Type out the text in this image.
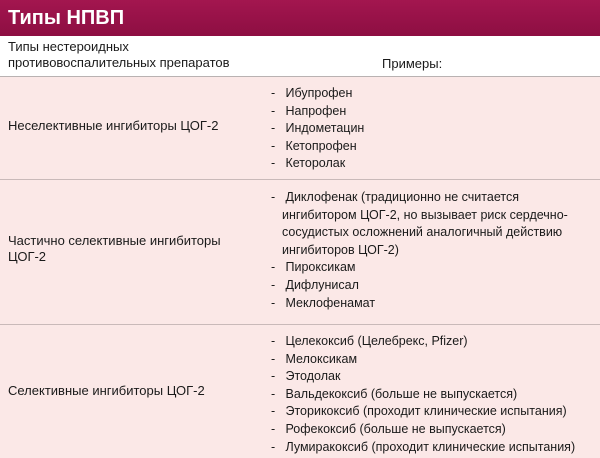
Типы НПВП
Типы нестероидных
противовоспалительных препаратов	Примеры:
Неселективные ингибиторы ЦОГ-2
- Ибупрофен
- Напрофен
- Индометацин
- Кетопрофен
- Кеторолак
Частично селективные ингибиторы ЦОГ-2
- Диклофенак (традиционно не считается ингибитором ЦОГ-2, но вызывает риск сердечно-сосудистых осложнений аналогичный действию ингибиторов ЦОГ-2)
- Пироксикам
- Дифлунисал
- Меклофенамат
Селективные ингибиторы ЦОГ-2
- Целекоксиб (Целебрекс, Pfizer)
- Мелоксикам
- Этодолак
- Вальдекоксиб (больше не выпускается)
- Эторикоксиб (проходит клинические испытания)
- Рофекоксиб (больше не выпускается)
- Лумиракоксиб (проходит клинические испытания)
